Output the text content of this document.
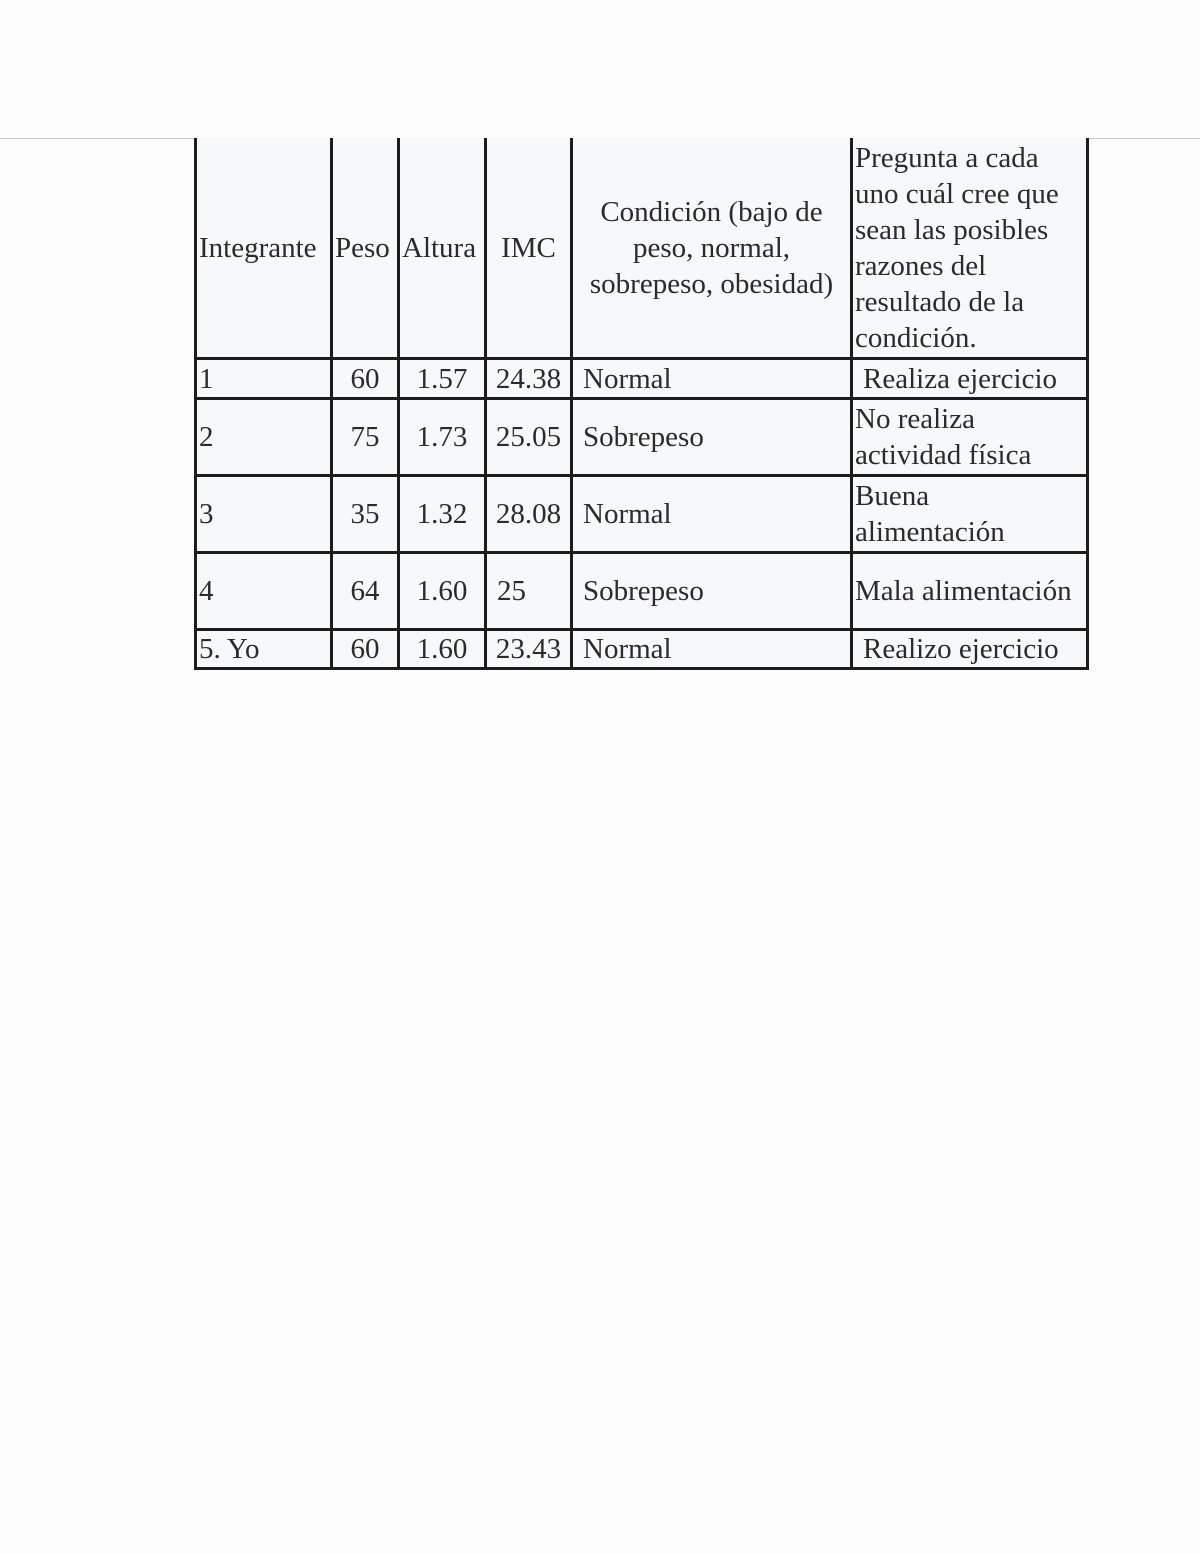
Integrante	Peso	Altura	IMC	Condición (bajo de peso, normal, sobrepeso, obesidad)	Pregunta a cada uno cuál cree que sean las posibles razones del resultado de la condición.
1	60	1.57	24.38	Normal	Realiza ejercicio
2	75	1.73	25.05	Sobrepeso	No realiza actividad física
3	35	1.32	28.08	Normal	Buena alimentación
4	64	1.60	25	Sobrepeso	Mala alimentación
5. Yo	60	1.60	23.43	Normal	Realizo ejercicio
